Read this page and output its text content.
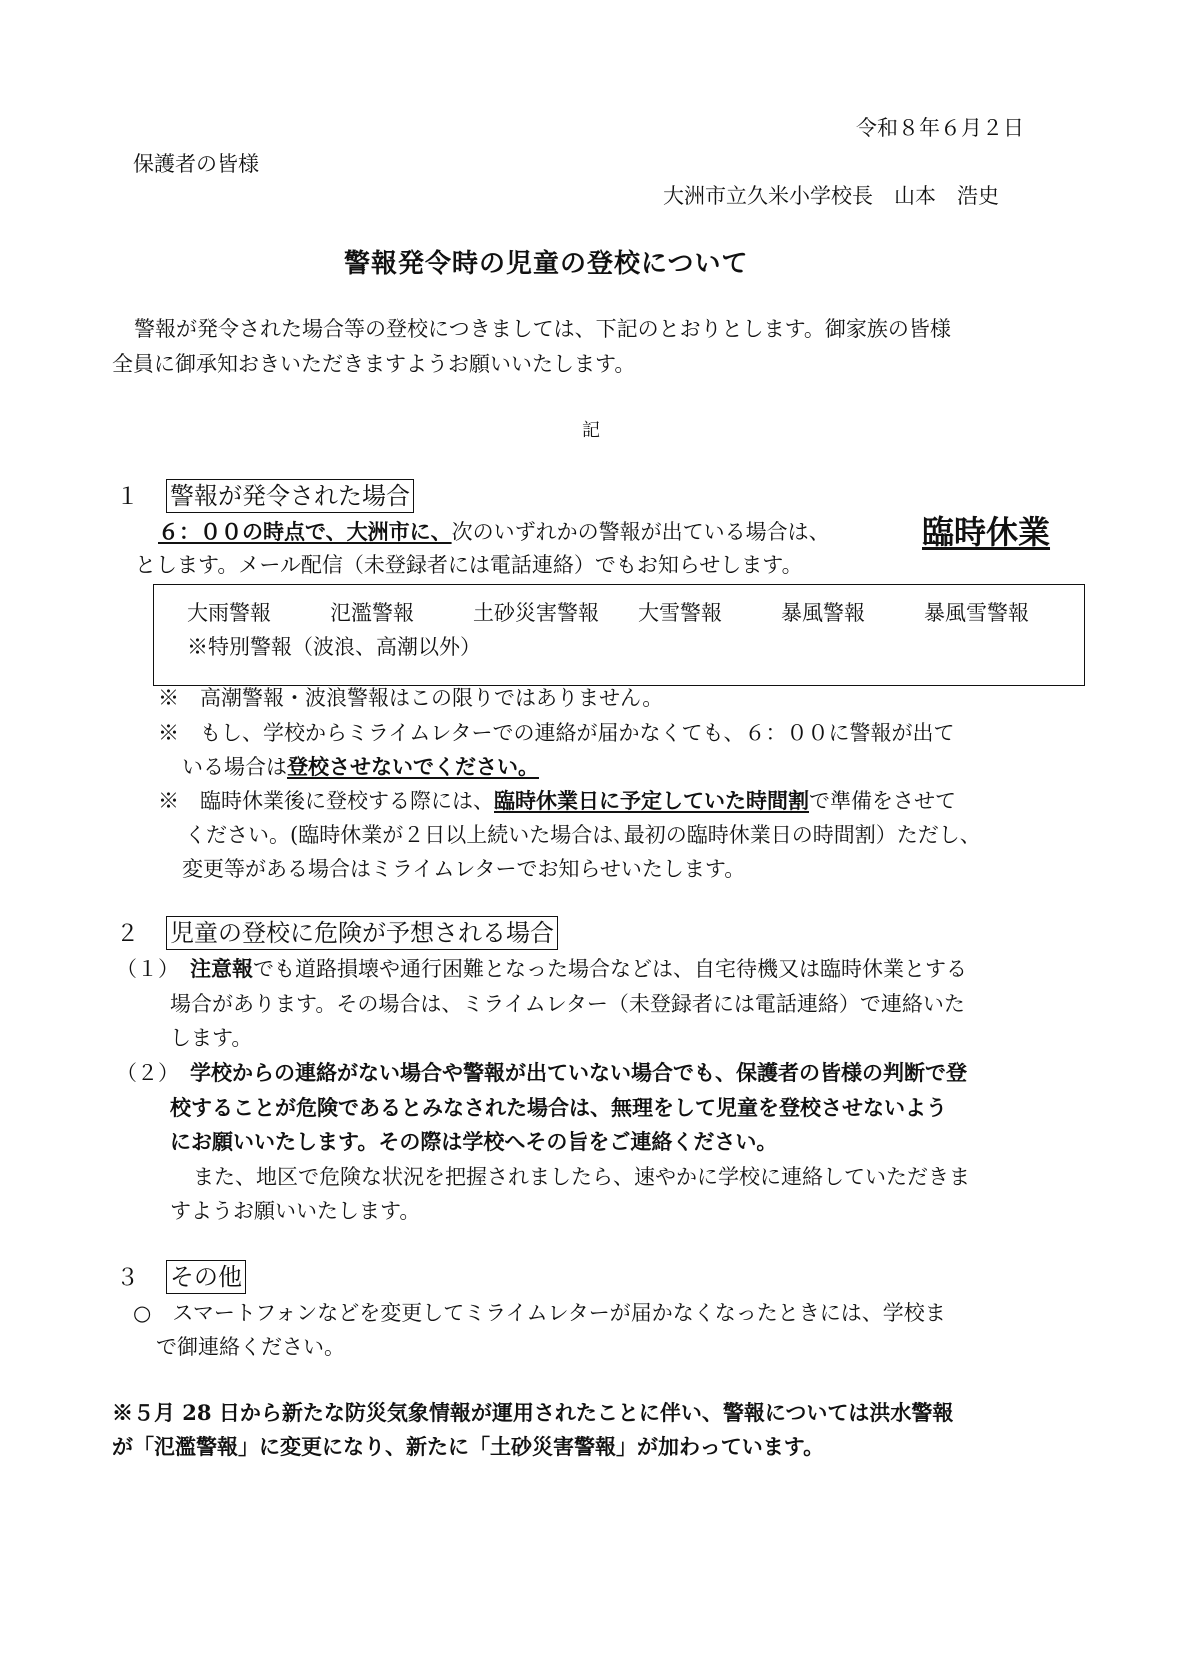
令和８年６月２日
保護者の皆様
大洲市立久米小学校長　山本　浩史
警報発令時の児童の登校について
警報が発令された場合等の登校につきましては、下記のとおりとします。御家族の皆様
全員に御承知おきいただきますようお願いいたします。
記
１ 警報が発令された場合
６：００の時点で、大洲市に、次のいずれかの警報が出ている場合は、	臨時休業
とします。メール配信（未登録者には電話連絡）でもお知らせします。
大雨警報	氾濫警報	土砂災害警報 大雪警報	暴風警報	暴風雪警報
※特別警報（波浪、高潮以外）
※　高潮警報・波浪警報はこの限りではありません。
※　もし、学校からミライムレターでの連絡が届かなくても、６：００に警報が出て
いる場合は登校させないでください。
※　臨時休業後に登校する際には、臨時休業日に予定していた時間割で準備をさせて
ください。(臨時休業が２日以上続いた場合は､最初の臨時休業日の時間割）ただし、
変更等がある場合はミライムレターでお知らせいたします。
２ 児童の登校に危険が予想される場合
（１） 注意報でも道路損壊や通行困難となった場合などは、自宅待機又は臨時休業とする
場合があります。その場合は、ミライムレター（未登録者には電話連絡）で連絡いた
します。
（２） 学校からの連絡がない場合や警報が出ていない場合でも、保護者の皆様の判断で登
校することが危険であるとみなされた場合は、無理をして児童を登校させないよう
にお願いいたします。その際は学校へその旨をご連絡ください。
また、地区で危険な状況を把握されましたら、速やかに学校に連絡していただきま
すようお願いいたします。
３ その他
○　スマートフォンなどを変更してミライムレターが届かなくなったときには、学校ま
で御連絡ください。
※５月 28 日から新たな防災気象情報が運用されたことに伴い、警報については洪水警報
が「氾濫警報」に変更になり、新たに「土砂災害警報」が加わっています。
